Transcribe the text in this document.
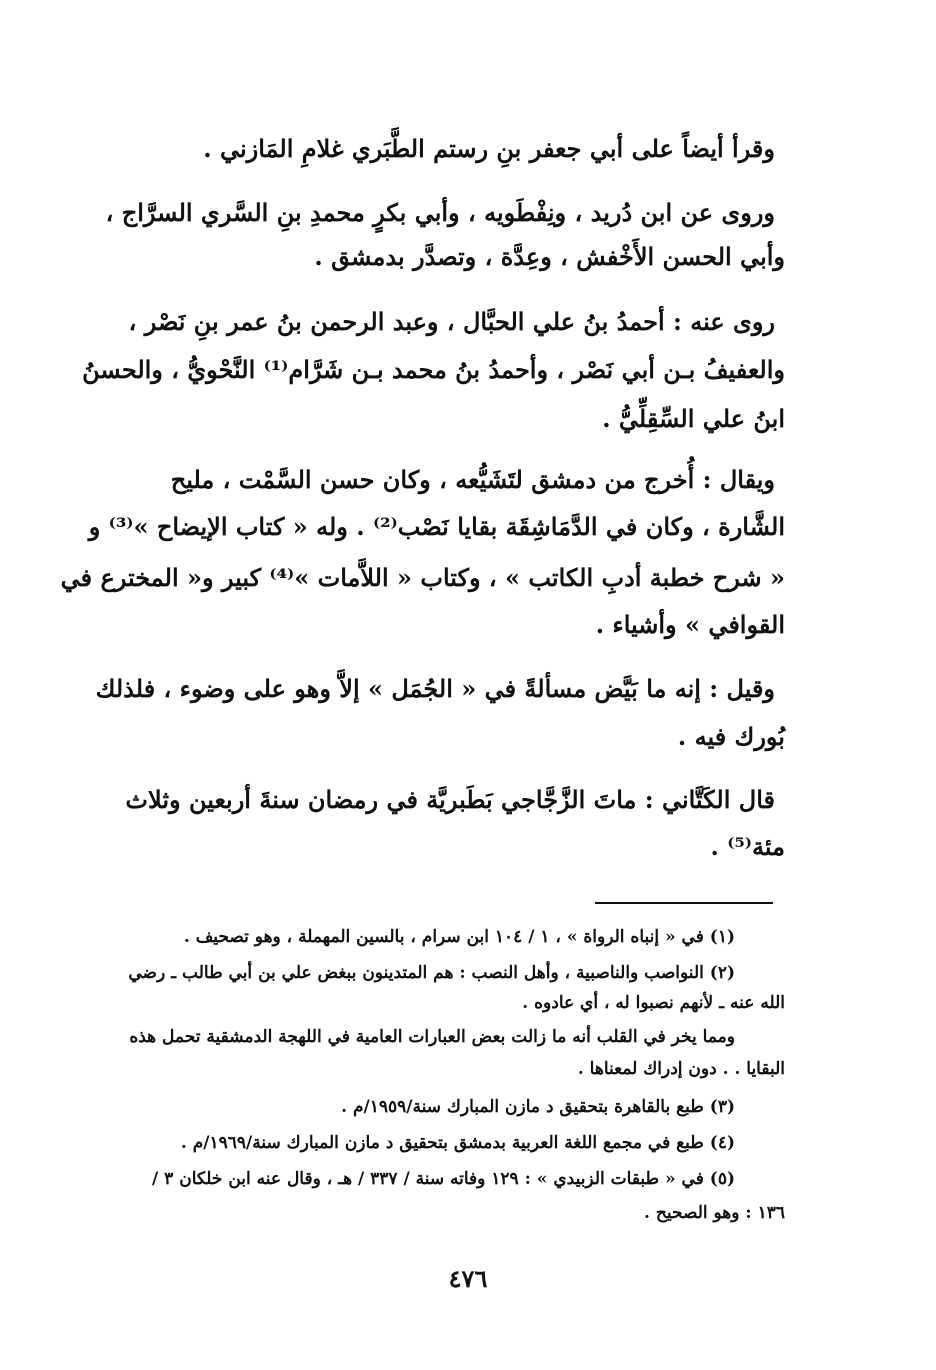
وقرأ أيضاً على أبي جعفر بنِ رستم الطَّبَري غلامِ المَازني .
وروى عن ابن دُريد ، ونِفْطَويه ، وأبي بكرٍ محمدِ بنِ السَّري السرَّاج ،
وأبي الحسن الأَخْفش ، وعِدَّة ، وتصدَّر بدمشق .
روى عنه : أحمدُ بنُ علي الحبَّال ، وعبد الرحمن بنُ عمر بنِ نَصْر ،
والعفيفُ بـن أبي نَصْر ، وأحمدُ بنُ محمد بـن شَرَّام⁽¹⁾ النَّحْويُّ ، والحسنُ
ابنُ علي السِّقِلِّيُّ .
ويقال : أُخرج من دمشق لتَشَيُّعه ، وكان حسن السَّمْت ، مليح
الشَّارة ، وكان في الدَّمَاشِقَة بقايا نَصْب⁽²⁾ . وله « كتاب الإيضاح »⁽³⁾ و
« شرح خطبة أدبِ الكاتب » ، وكتاب « اللاَّمات »⁽⁴⁾ كبير و« المخترع في
القوافي » وأشياء .
وقيل : إنه ما بَيَّض مسألةً في « الجُمَل » إلاَّ وهو على وضوء ، فلذلك
بُورك فيه .
قال الكَتَّاني : ماتَ الزَّجَّاجي بَطَبريَّة في رمضان سنةَ أربعين وثلاث
مئة⁽⁵⁾ .
(١) في « إنباه الرواة » ، ١ / ١٠٤ ابن سرام ، بالسين المهملة ، وهو تصحيف .
(٢) النواصب والناصبية ، وأهل النصب : هم المتدينون ببغض علي بن أبي طالب ـ رضي
الله عنه ـ لأنهم نصبوا له ، أي عادوه .
ومما يخر في القلب أنه ما زالت بعض العبارات العامية في اللهجة الدمشقية تحمل هذه
البقايا . . دون إدراك لمعناها .
(٣) طبع بالقاهرة بتحقيق د مازن المبارك سنة/١٩٥٩/م .
(٤) طبع في مجمع اللغة العربية بدمشق بتحقيق د مازن المبارك سنة/١٩٦٩/م .
(٥) في « طبقات الزبيدي » : ١٢٩ وفاته سنة / ٣٣٧ / هـ ، وقال عنه ابن خلكان ٣ /
١٣٦ : وهو الصحيح .
٤٧٦
